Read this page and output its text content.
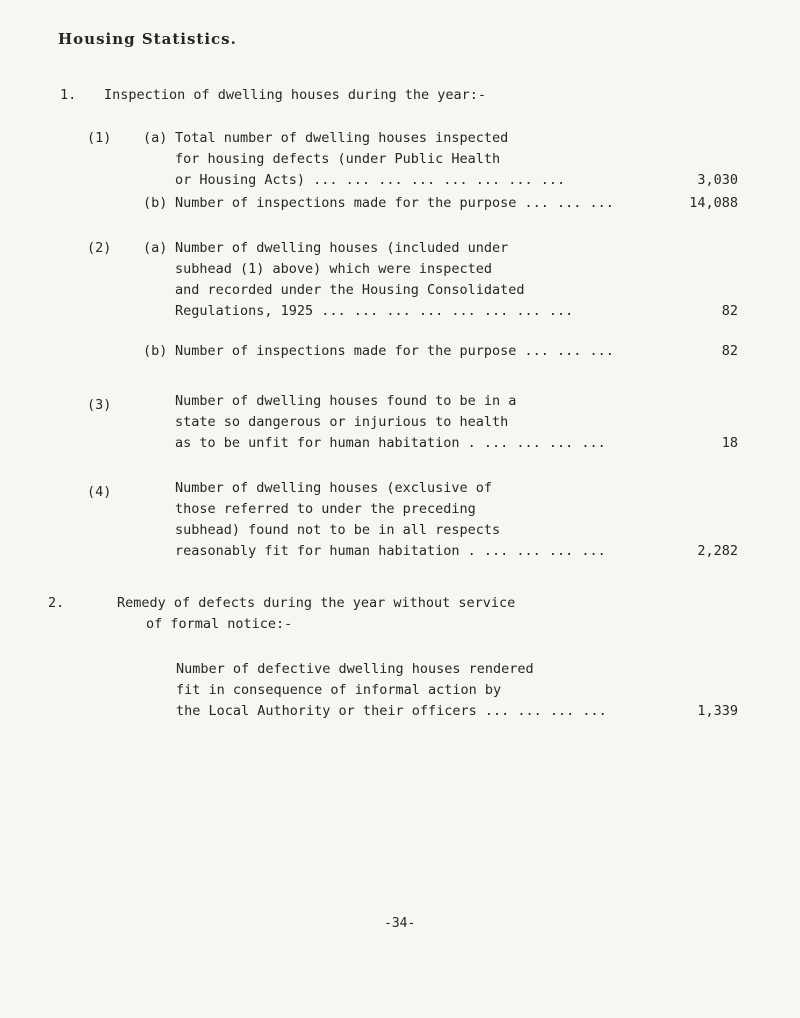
Housing Statistics.
1. Inspection of dwelling houses during the year:-
(1) (a) Total number of dwelling houses inspected
for housing defects (under Public Health
or Housing Acts) ... ... ... ... ... ... ... ...	3,030
(b) Number of inspections made for the purpose ... ... ...	14,088
(2) (a) Number of dwelling houses (included under
subhead (1) above) which were inspected
and recorded under the Housing Consolidated
Regulations, 1925 ... ... ... ... ... ... ... ...	82
(b) Number of inspections made for the purpose ... ... ...	82
(3)	Number of dwelling houses found to be in a
state so dangerous or injurious to health
as to be unfit for human habitation . ... ... ... ...	18
(4)	Number of dwelling houses (exclusive of
those referred to under the preceding
subhead) found not to be in all respects
reasonably fit for human habitation . ... ... ... ...	2,282
2.	Remedy of defects during the year without service
of formal notice:-
Number of defective dwelling houses rendered
fit in consequence of informal action by
the Local Authority or their officers ... ... ... ...	1,339
-34-
